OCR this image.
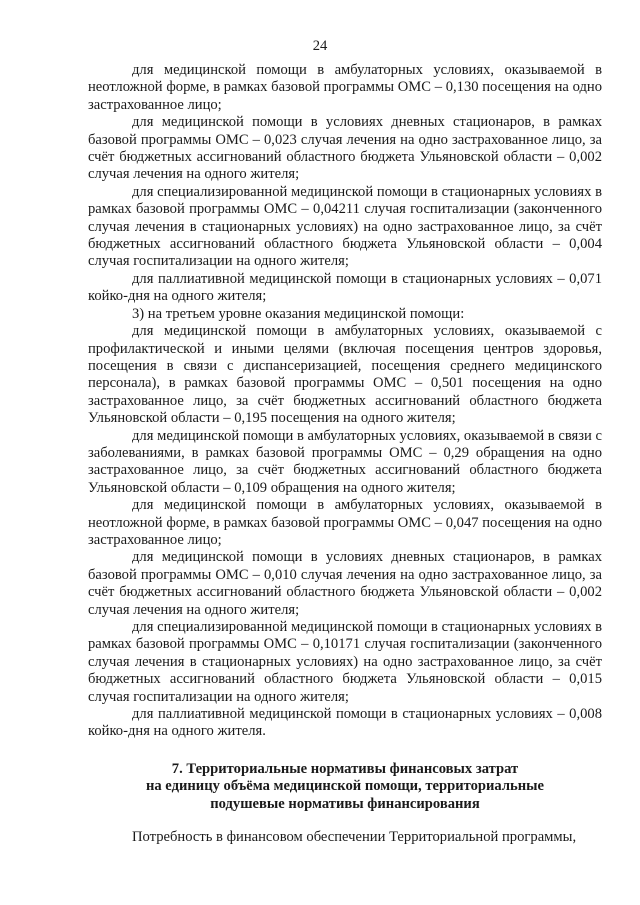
24

для медицинской помощи в амбулаторных условиях, оказываемой в неотложной форме, в рамках базовой программы ОМС – 0,130 посещения на одно застрахованное лицо;

для медицинской помощи в условиях дневных стационаров, в рамках базовой программы ОМС – 0,023 случая лечения на одно застрахованное лицо, за счёт бюджетных ассигнований областного бюджета Ульяновской области – 0,002 случая лечения на одного жителя;

для специализированной медицинской помощи в стационарных условиях в рамках базовой программы ОМС – 0,04211 случая госпитализации (законченного случая лечения в стационарных условиях) на одно застрахованное лицо, за счёт бюджетных ассигнований областного бюджета Ульяновской области – 0,004 случая госпитализации на одного жителя;

для паллиативной медицинской помощи в стационарных условиях – 0,071 койко-дня на одного жителя;

3) на третьем уровне оказания медицинской помощи:

для медицинской помощи в амбулаторных условиях, оказываемой с профилактической и иными целями (включая посещения центров здоровья, посещения в связи с диспансеризацией, посещения среднего медицинского персонала), в рамках базовой программы ОМС – 0,501 посещения на одно застрахованное лицо, за счёт бюджетных ассигнований областного бюджета Ульяновской области – 0,195 посещения на одного жителя;

для медицинской помощи в амбулаторных условиях, оказываемой в связи с заболеваниями, в рамках базовой программы ОМС – 0,29 обращения на одно застрахованное лицо, за счёт бюджетных ассигнований областного бюджета Ульяновской области – 0,109 обращения на одного жителя;

для медицинской помощи в амбулаторных условиях, оказываемой в неотложной форме, в рамках базовой программы ОМС – 0,047 посещения на одно застрахованное лицо;

для медицинской помощи в условиях дневных стационаров, в рамках базовой программы ОМС – 0,010 случая лечения на одно застрахованное лицо, за счёт бюджетных ассигнований областного бюджета Ульяновской области – 0,002 случая лечения на одного жителя;

для специализированной медицинской помощи в стационарных условиях в рамках базовой программы ОМС – 0,10171 случая госпитализации (законченного случая лечения в стационарных условиях) на одно застрахованное лицо, за счёт бюджетных ассигнований областного бюджета Ульяновской области – 0,015 случая госпитализации на одного жителя;

для паллиативной медицинской помощи в стационарных условиях – 0,008 койко-дня на одного жителя.

7. Территориальные нормативы финансовых затрат
на единицу объёма медицинской помощи, территориальные
подушевые нормативы финансирования

Потребность в финансовом обеспечении Территориальной программы,
